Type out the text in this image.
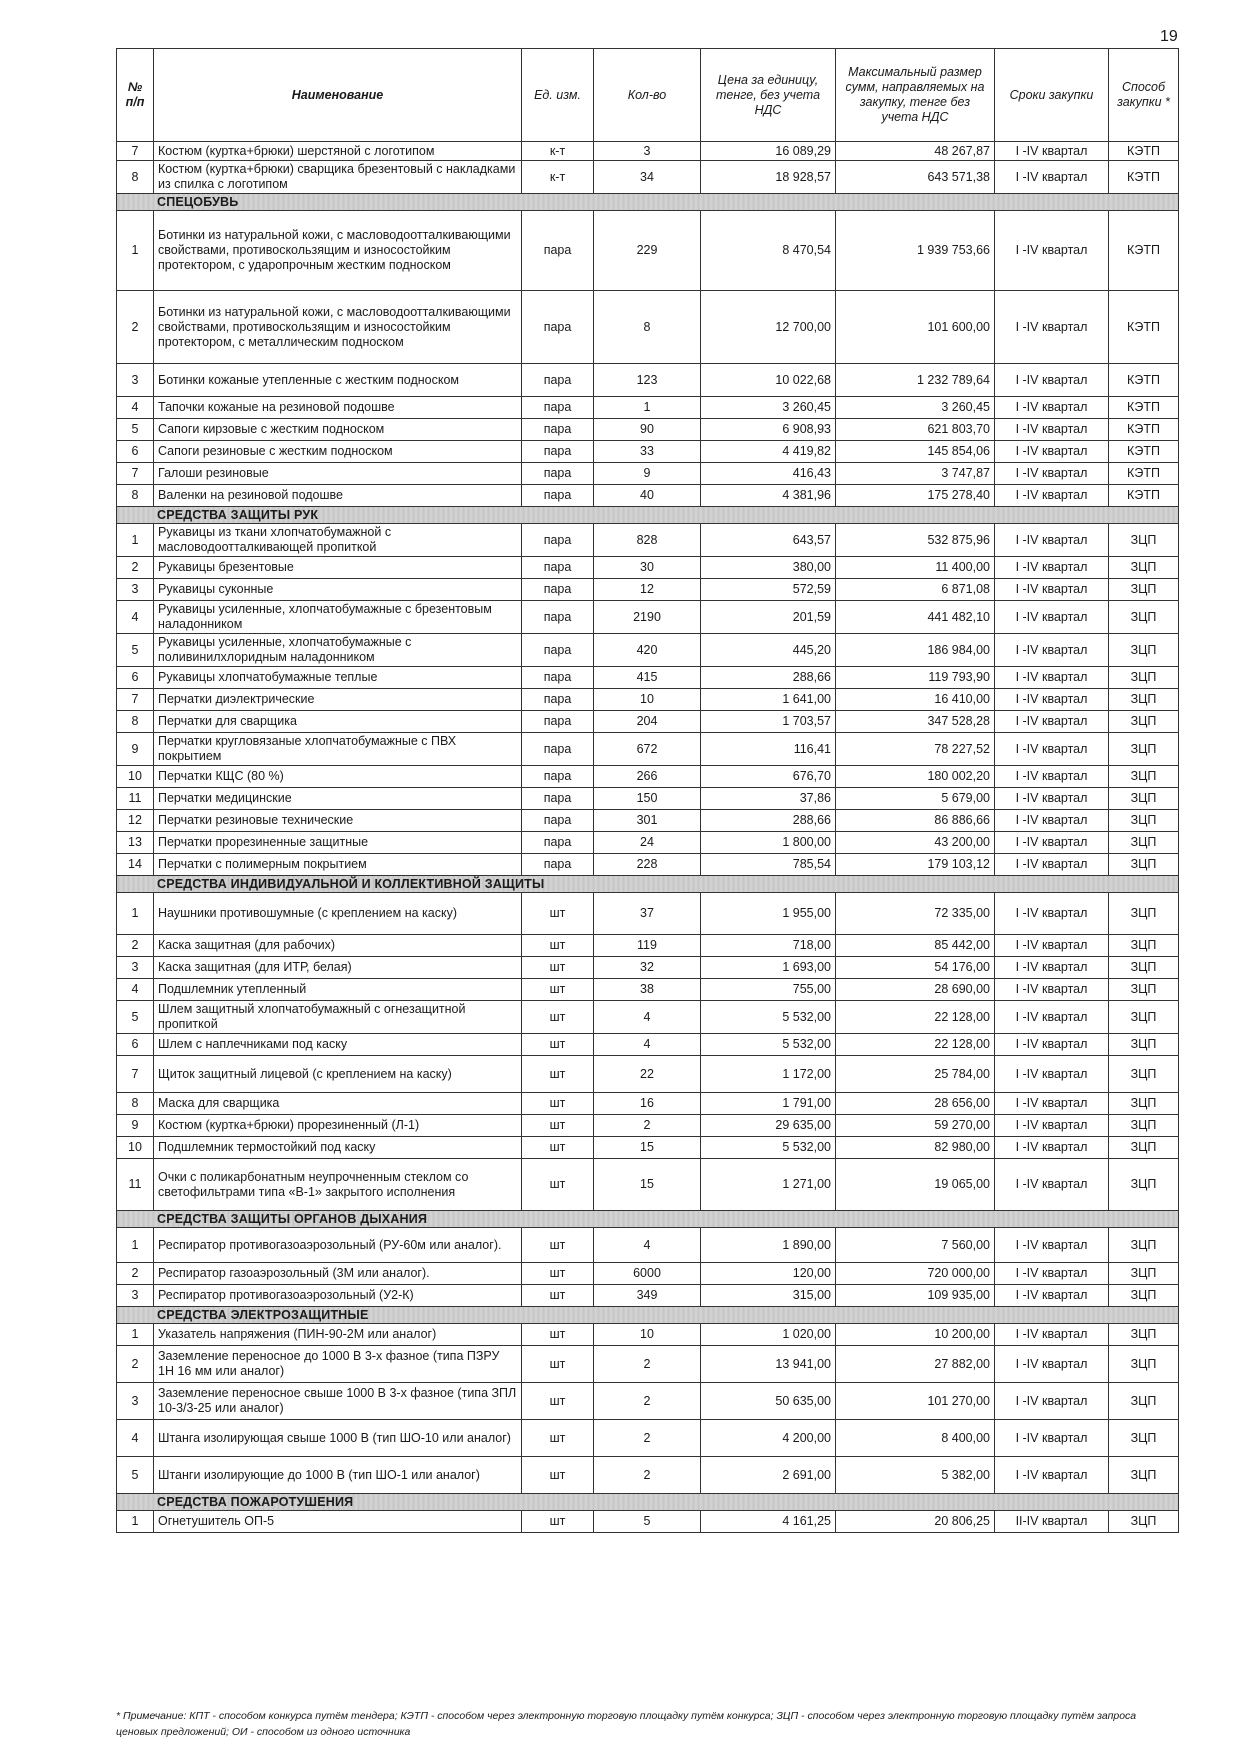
19
№ п/п	Наименование	Ед. изм.	Кол-во	Цена за единицу, тенге, без учета НДС	Максимальный размер сумм, направляемых на закупку, тенге без учета НДС	Сроки закупки	Способ закупки *
7	Костюм (куртка+брюки) шерстяной с логотипом	к-т	3	16 089,29	48 267,87	I -IV квартал	КЭТП
8	Костюм (куртка+брюки) сварщика брезентовый с накладками из спилка с логотипом	к-т	34	18 928,57	643 571,38	I -IV квартал	КЭТП
СПЕЦОБУВЬ							
1	Ботинки из натуральной кожи, с масловодоотталкивающими свойствами, противоскользящим и износостойким протектором, с ударопрочным жестким подноском	пара	229	8 470,54	1 939 753,66	I -IV квартал	КЭТП
2	Ботинки из натуральной кожи, с масловодоотталкивающими свойствами, противоскользящим и износостойким протектором, с металлическим подноском	пара	8	12 700,00	101 600,00	I -IV квартал	КЭТП
3	Ботинки кожаные утепленные с жестким подноском	пара	123	10 022,68	1 232 789,64	I -IV квартал	КЭТП
4	Тапочки кожаные на резиновой подошве	пара	1	3 260,45	3 260,45	I -IV квартал	КЭТП
5	Сапоги кирзовые с жестким подноском	пара	90	6 908,93	621 803,70	I -IV квартал	КЭТП
6	Сапоги резиновые с жестким подноском	пара	33	4 419,82	145 854,06	I -IV квартал	КЭТП
7	Галоши резиновые	пара	9	416,43	3 747,87	I -IV квартал	КЭТП
8	Валенки на резиновой подошве	пара	40	4 381,96	175 278,40	I -IV квартал	КЭТП
СРЕДСТВА ЗАЩИТЫ РУК							
1	Рукавицы из ткани хлопчатобумажной с масловодоотталкивающей пропиткой	пара	828	643,57	532 875,96	I -IV квартал	ЗЦП
2	Рукавицы брезентовые	пара	30	380,00	11 400,00	I -IV квартал	ЗЦП
3	Рукавицы суконные	пара	12	572,59	6 871,08	I -IV квартал	ЗЦП
4	Рукавицы усиленные, хлопчатобумажные с брезентовым наладонником	пара	2190	201,59	441 482,10	I -IV квартал	ЗЦП
5	Рукавицы усиленные, хлопчатобумажные с поливинилхлоридным наладонником	пара	420	445,20	186 984,00	I -IV квартал	ЗЦП
6	Рукавицы хлопчатобумажные теплые	пара	415	288,66	119 793,90	I -IV квартал	ЗЦП
7	Перчатки диэлектрические	пара	10	1 641,00	16 410,00	I -IV квартал	ЗЦП
8	Перчатки для сварщика	пара	204	1 703,57	347 528,28	I -IV квартал	ЗЦП
9	Перчатки кругловязаные хлопчатобумажные с ПВХ покрытием	пара	672	116,41	78 227,52	I -IV квартал	ЗЦП
10	Перчатки КЩС (80 %)	пара	266	676,70	180 002,20	I -IV квартал	ЗЦП
11	Перчатки медицинские	пара	150	37,86	5 679,00	I -IV квартал	ЗЦП
12	Перчатки резиновые технические	пара	301	288,66	86 886,66	I -IV квартал	ЗЦП
13	Перчатки прорезиненные защитные	пара	24	1 800,00	43 200,00	I -IV квартал	ЗЦП
14	Перчатки с полимерным покрытием	пара	228	785,54	179 103,12	I -IV квартал	ЗЦП
СРЕДСТВА ИНДИВИДУАЛЬНОЙ И КОЛЛЕКТИВНОЙ ЗАЩИТЫ							
1	Наушники противошумные (с креплением на каску)	шт	37	1 955,00	72 335,00	I -IV квартал	ЗЦП
2	Каска защитная (для рабочих)	шт	119	718,00	85 442,00	I -IV квартал	ЗЦП
3	Каска защитная (для ИТР, белая)	шт	32	1 693,00	54 176,00	I -IV квартал	ЗЦП
4	Подшлемник утепленный	шт	38	755,00	28 690,00	I -IV квартал	ЗЦП
5	Шлем защитный хлопчатобумажный с огнезащитной пропиткой	шт	4	5 532,00	22 128,00	I -IV квартал	ЗЦП
6	Шлем с наплечниками под каску	шт	4	5 532,00	22 128,00	I -IV квартал	ЗЦП
7	Щиток защитный лицевой (с креплением на каску)	шт	22	1 172,00	25 784,00	I -IV квартал	ЗЦП
8	Маска для сварщика	шт	16	1 791,00	28 656,00	I -IV квартал	ЗЦП
9	Костюм (куртка+брюки) прорезиненный (Л-1)	шт	2	29 635,00	59 270,00	I -IV квартал	ЗЦП
10	Подшлемник термостойкий под каску	шт	15	5 532,00	82 980,00	I -IV квартал	ЗЦП
11	Очки с поликарбонатным неупрочненным стеклом со светофильтрами типа «В-1» закрытого исполнения	шт	15	1 271,00	19 065,00	I -IV квартал	ЗЦП
СРЕДСТВА ЗАЩИТЫ ОРГАНОВ ДЫХАНИЯ							
1	Респиратор противогазоаэрозольный (РУ-60м или аналог).	шт	4	1 890,00	7 560,00	I -IV квартал	ЗЦП
2	Респиратор газоаэрозольный (3М или аналог).	шт	6000	120,00	720 000,00	I -IV квартал	ЗЦП
3	Респиратор противогазоаэрозольный (У2-К)	шт	349	315,00	109 935,00	I -IV квартал	ЗЦП
СРЕДСТВА ЭЛЕКТРОЗАЩИТНЫЕ							
1	Указатель напряжения (ПИН-90-2М или аналог)	шт	10	1 020,00	10 200,00	I -IV квартал	ЗЦП
2	Заземление переносное до 1000 В 3-х фазное (типа ПЗРУ 1Н 16 мм или аналог)	шт	2	13 941,00	27 882,00	I -IV квартал	ЗЦП
3	Заземление переносное свыше 1000 В 3-х фазное (типа ЗПЛ 10-3/3-25 или аналог)	шт	2	50 635,00	101 270,00	I -IV квартал	ЗЦП
4	Штанга изолирующая свыше 1000 В (тип ШО-10 или аналог)	шт	2	4 200,00	8 400,00	I -IV квартал	ЗЦП
5	Штанги изолирующие до 1000 В (тип ШО-1 или аналог)	шт	2	2 691,00	5 382,00	I -IV квартал	ЗЦП
СРЕДСТВА ПОЖАРОТУШЕНИЯ							
1	Огнетушитель ОП-5	шт	5	4 161,25	20 806,25	II-IV квартал	ЗЦП
* Примечание: КПТ - способом конкурса путём тендера; КЭТП - способом через электронную торговую площадку путём конкурса; ЗЦП - способом через электронную торговую площадку путём запроса ценовых предложений; ОИ - способом из одного источника
